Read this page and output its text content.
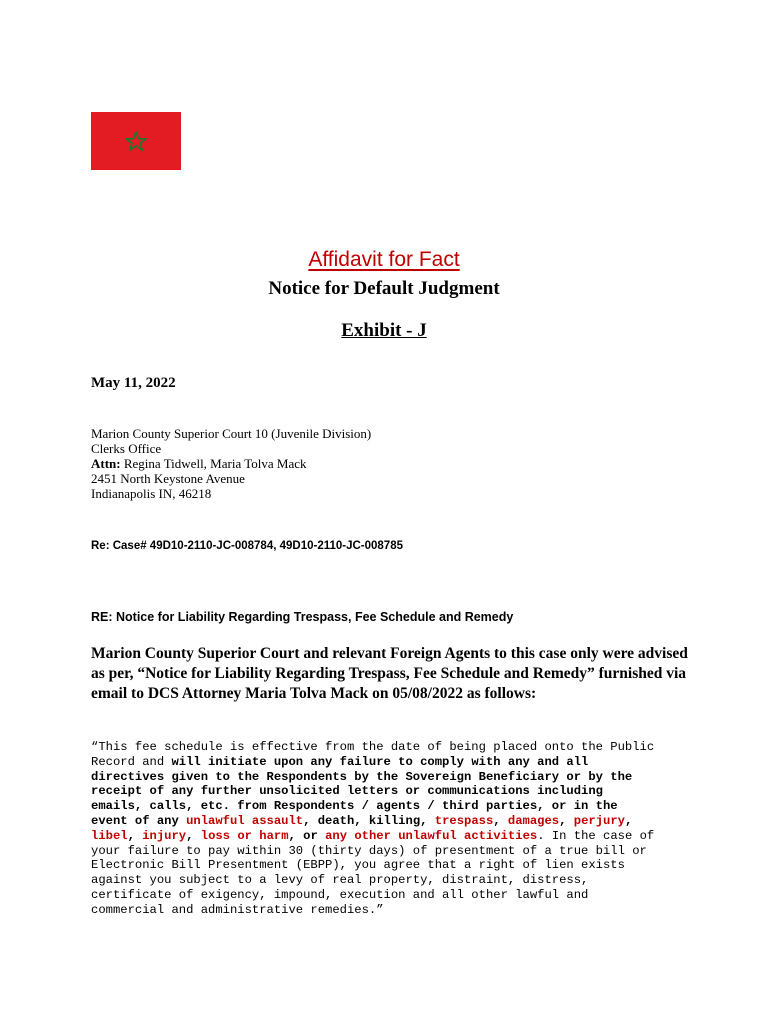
Affidavit for Fact
Notice for Default Judgment
Exhibit - J
May 11, 2022
Marion County Superior Court 10 (Juvenile Division)
Clerks Office
Attn: Regina Tidwell, Maria Tolva Mack
2451 North Keystone Avenue
Indianapolis IN, 46218
Re: Case# 49D10-2110-JC-008784, 49D10-2110-JC-008785
RE: Notice for Liability Regarding Trespass, Fee Schedule and Remedy
Marion County Superior Court and relevant Foreign Agents to this case only were advised
as per, “Notice for Liability Regarding Trespass, Fee Schedule and Remedy” furnished via
email to DCS Attorney Maria Tolva Mack on 05/08/2022 as follows:
“This fee schedule is effective from the date of being placed onto the Public
Record and will initiate upon any failure to comply with any and all
directives given to the Respondents by the Sovereign Beneficiary or by the
receipt of any further unsolicited letters or communications including
emails, calls, etc. from Respondents / agents / third parties, or in the
event of any unlawful assault, death, killing, trespass, damages, perjury,
libel, injury, loss or harm, or any other unlawful activities. In the case of
your failure to pay within 30 (thirty days) of presentment of a true bill or
Electronic Bill Presentment (EBPP), you agree that a right of lien exists
against you subject to a levy of real property, distraint, distress,
certificate of exigency, impound, execution and all other lawful and
commercial and administrative remedies.”
